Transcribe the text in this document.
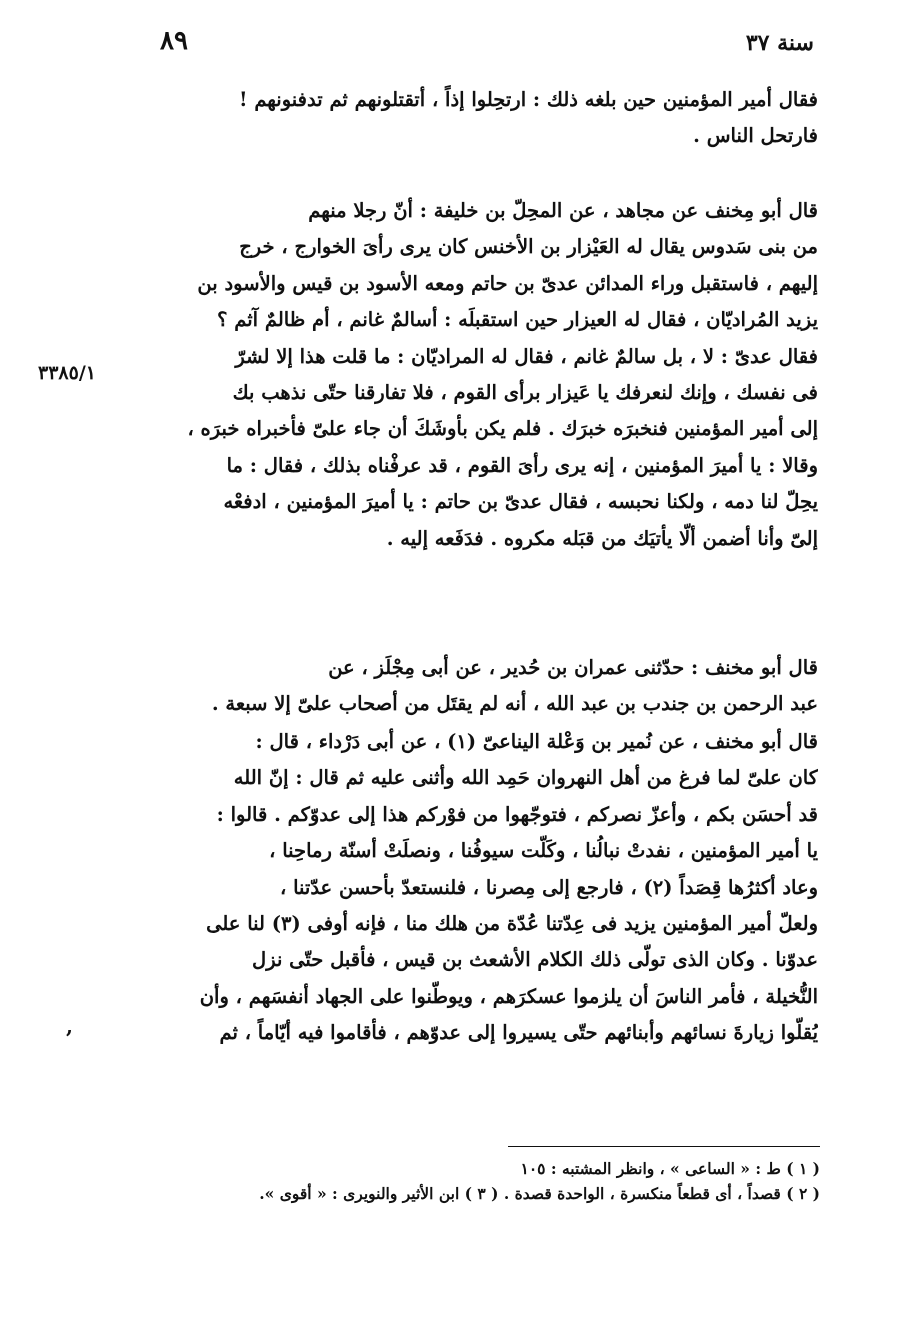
سنة ٣٧
٨٩
٣٣٨٥/١
,
فقال أمير المؤمنين حين بلغه ذلك : ارتحِلوا إذاً ، أتقتلونهم ثم تدفنونهم !
فارتحل الناس .
قال أبو مِخنف عن مجاهد ، عن المحِلّ بن خليفة : أنّ رجلا منهم
من بنى سَدوس يقال له العَيْزار بن الأخنس كان يرى رأىَ الخوارج ، خرج
إليهم ، فاستقبل وراء المدائن عدىّ بن حاتم ومعه الأسود بن قيس والأسود بن
يزيد المُراديّان ، فقال له العيزار حين استقبلَه : أسالمٌ غانم ، أم ظالمٌ آثم ؟
فقال عدىّ : لا ، بل سالمٌ غانم ، فقال له المراديّان : ما قلت هذا إلا لشرّ
فى نفسك ، وإنك لنعرفك يا عَيزار برأى القوم ، فلا تفارقنا حتّى نذهب بك
إلى أمير المؤمنين فنخبرَه خبرَك . فلم يكن بأوشَكَ أن جاء علىّ فأخبراه خبرَه ،
وقالا : يا أميرَ المؤمنين ، إنه يرى رأىَ القوم ، قد عرفْناه بذلك ، فقال : ما
يحِلّ لنا دمه ، ولكنا نحبسه ، فقال عدىّ بن حاتم : يا أميرَ المؤمنين ، ادفعْه
إلىّ وأنا أضمن ألّا يأتيَك من قبَله مكروه . فدَفَعه إليه .
قال أبو مخنف : حدّثنى عمران بن حُدير ، عن أبى مِجْلَز ، عن
عبد الرحمن بن جندب بن عبد الله ، أنه لم يقتَل من أصحاب علىّ إلا سبعة .
قال أبو مخنف ، عن نُمير بن وَعْلة اليناعىّ (١) ، عن أبى دَرْداء ، قال :
كان علىّ لما فرغ من أهل النهروان حَمِد الله وأثنى عليه ثم قال : إنّ الله
قد أحسَن بكم ، وأعزّ نصركم ، فتوجّهوا من فوْركم هذا إلى عدوّكم . قالوا :
يا أمير المؤمنين ، نفدتْ نبالُنا ، وكَلّت سيوفُنا ، ونصلَتْ أسنّة رماحِنا ،
وعاد أكثرُها قِصَداً (٢) ، فارجع إلى مِصرنا ، فلنستعدّ بأحسن عدّتنا ،
ولعلّ أمير المؤمنين يزيد فى عِدّتنا عُدّة من هلك منا ، فإنه أوفى (٣) لنا على
عدوّنا . وكان الذى تولّى ذلك الكلام الأشعث بن قيس ، فأقبل حتّى نزل
النُّخيلة ، فأمر الناسَ أن يلزموا عسكرَهم ، ويوطّنوا على الجهاد أنفسَهم ، وأن
يُقلّوا زيارةَ نسائهم وأبنائهم حتّى يسيروا إلى عدوّهم ، فأقاموا فيه أيّاماً ، ثم
( ١ ) ط : « الساعى » ، وانظر المشتبه : ١٠٥
( ٢ ) قصداً ، أى قطعاً منكسرة ، الواحدة قصدة . ( ٣ ) ابن الأثير والنويرى : « أقوى ».
